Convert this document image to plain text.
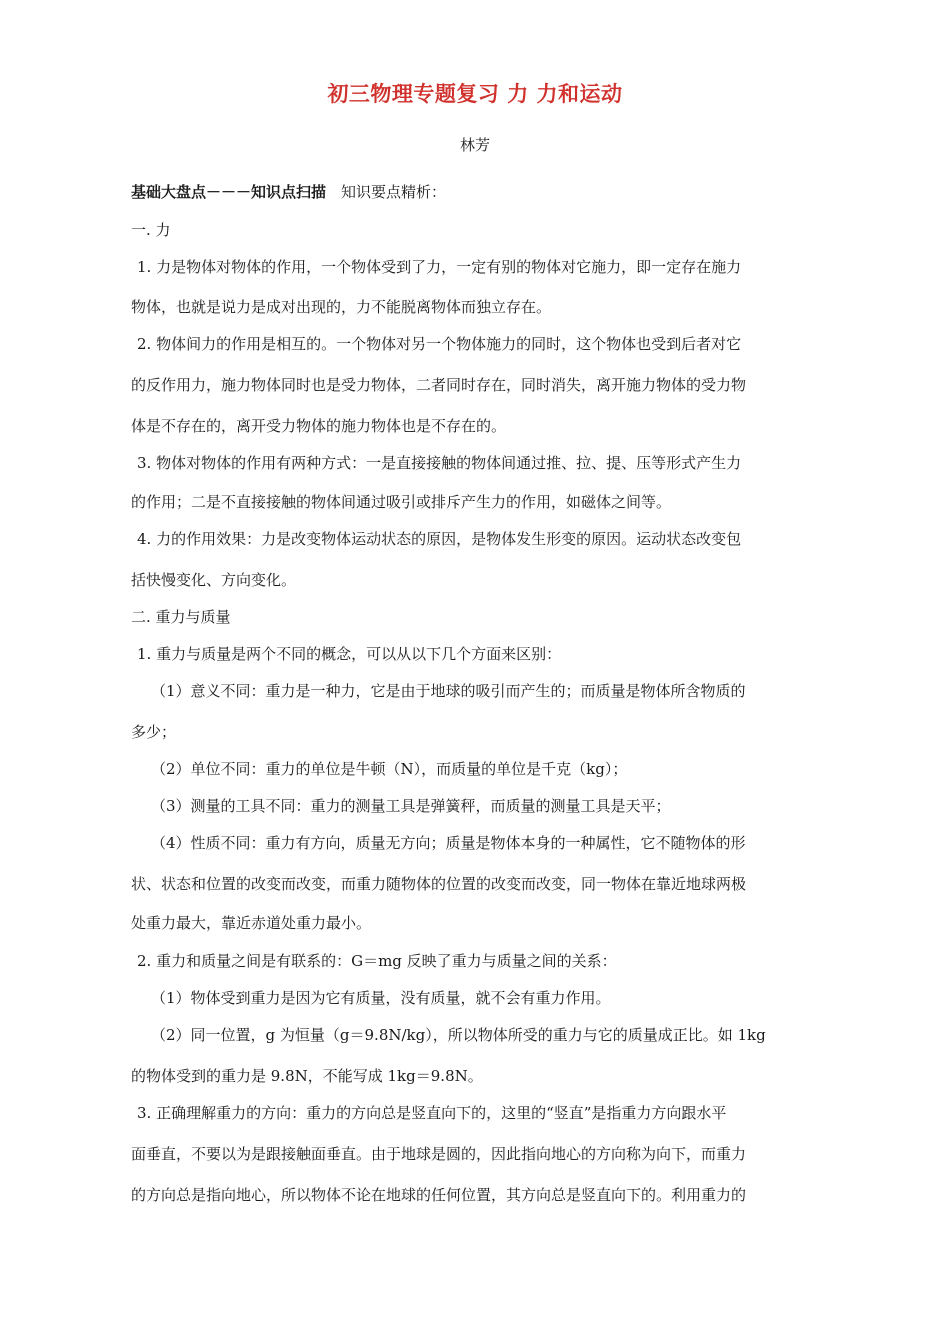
初三物理专题复习 力 力和运动
林芳
基础大盘点－－－知识点扫描　知识要点精析：
一. 力
1. 力是物体对物体的作用，一个物体受到了力，一定有别的物体对它施力，即一定存在施力
物体，也就是说力是成对出现的，力不能脱离物体而独立存在。
2. 物体间力的作用是相互的。一个物体对另一个物体施力的同时，这个物体也受到后者对它
的反作用力，施力物体同时也是受力物体，二者同时存在，同时消失，离开施力物体的受力物
体是不存在的，离开受力物体的施力物体也是不存在的。
3. 物体对物体的作用有两种方式：一是直接接触的物体间通过推、拉、提、压等形式产生力
的作用；二是不直接接触的物体间通过吸引或排斥产生力的作用，如磁体之间等。
4. 力的作用效果：力是改变物体运动状态的原因，是物体发生形变的原因。运动状态改变包
括快慢变化、方向变化。
二. 重力与质量
1. 重力与质量是两个不同的概念，可以从以下几个方面来区别：
（1）意义不同：重力是一种力，它是由于地球的吸引而产生的；而质量是物体所含物质的
多少；
（2）单位不同：重力的单位是牛顿（N），而质量的单位是千克（kg）；
（3）测量的工具不同：重力的测量工具是弹簧秤，而质量的测量工具是天平；
（4）性质不同：重力有方向，质量无方向；质量是物体本身的一种属性，它不随物体的形
状、状态和位置的改变而改变，而重力随物体的位置的改变而改变，同一物体在靠近地球两极
处重力最大，靠近赤道处重力最小。
2. 重力和质量之间是有联系的：G＝mg 反映了重力与质量之间的关系：
（1）物体受到重力是因为它有质量，没有质量，就不会有重力作用。
（2）同一位置，g 为恒量（g＝9.8N/kg），所以物体所受的重力与它的质量成正比。如 1kg
的物体受到的重力是 9.8N，不能写成 1kg＝9.8N。
3. 正确理解重力的方向：重力的方向总是竖直向下的，这里的“竖直”是指重力方向跟水平
面垂直，不要以为是跟接触面垂直。由于地球是圆的，因此指向地心的方向称为向下，而重力
的方向总是指向地心，所以物体不论在地球的任何位置，其方向总是竖直向下的。利用重力的
